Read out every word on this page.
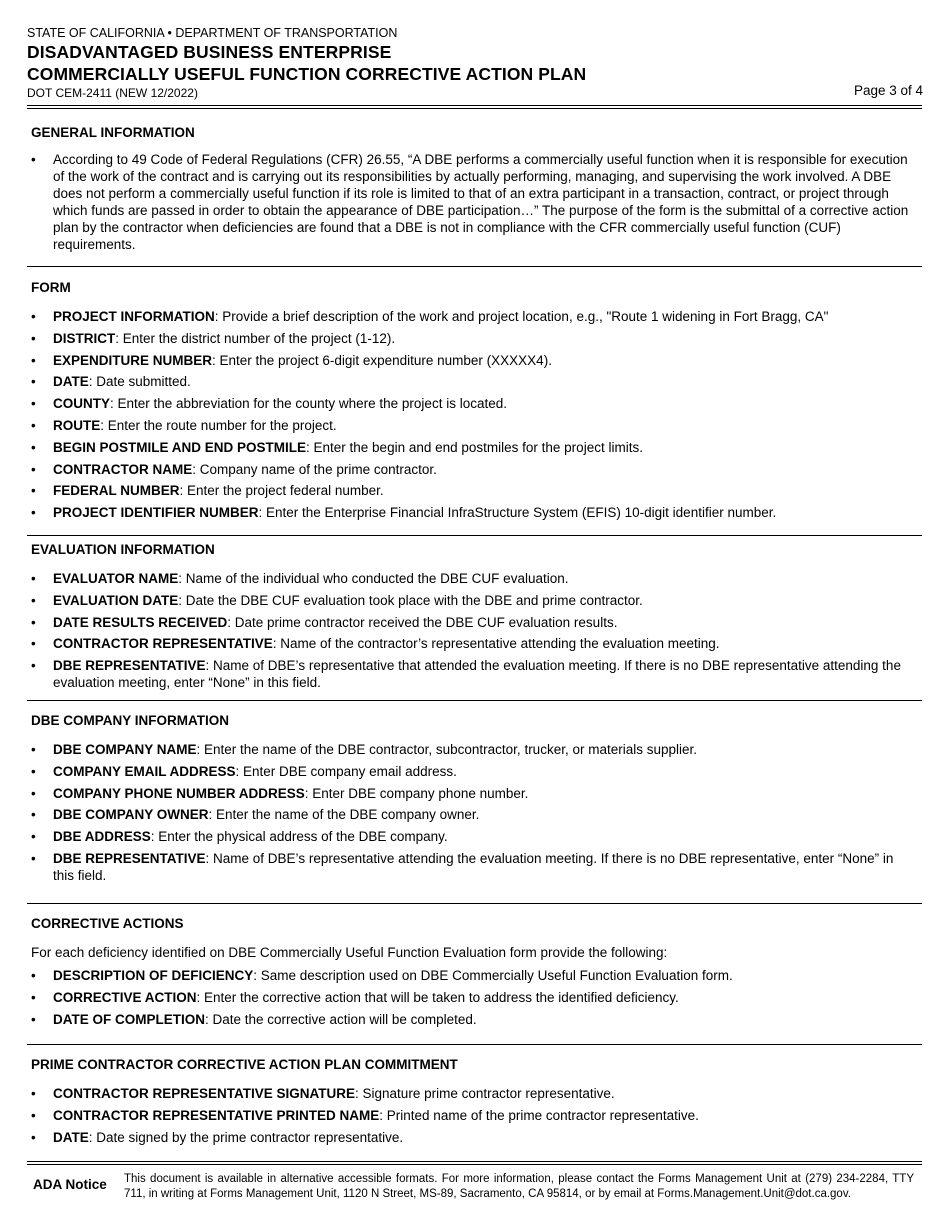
STATE OF CALIFORNIA • DEPARTMENT OF TRANSPORTATION
DISADVANTAGED BUSINESS ENTERPRISE
COMMERCIALLY USEFUL FUNCTION CORRECTIVE ACTION PLAN
DOT CEM-2411 (NEW 12/2022)	Page 3 of 4
GENERAL INFORMATION
• According to 49 Code of Federal Regulations (CFR) 26.55, “A DBE performs a commercially useful function when it is responsible for execution of the work of the contract and is carrying out its responsibilities by actually performing, managing, and supervising the work involved. A DBE does not perform a commercially useful function if its role is limited to that of an extra participant in a transaction, contract, or project through which funds are passed in order to obtain the appearance of DBE participation…” The purpose of the form is the submittal of a corrective action plan by the contractor when deficiencies are found that a DBE is not in compliance with the CFR commercially useful function (CUF) requirements.
FORM
• PROJECT INFORMATION: Provide a brief description of the work and project location, e.g., "Route 1 widening in Fort Bragg, CA"
• DISTRICT: Enter the district number of the project (1-12).
• EXPENDITURE NUMBER: Enter the project 6-digit expenditure number (XXXXX4).
• DATE: Date submitted.
• COUNTY: Enter the abbreviation for the county where the project is located.
• ROUTE: Enter the route number for the project.
• BEGIN POSTMILE AND END POSTMILE: Enter the begin and end postmiles for the project limits.
• CONTRACTOR NAME: Company name of the prime contractor.
• FEDERAL NUMBER: Enter the project federal number.
• PROJECT IDENTIFIER NUMBER: Enter the Enterprise Financial InfraStructure System (EFIS) 10-digit identifier number.
EVALUATION INFORMATION
• EVALUATOR NAME: Name of the individual who conducted the DBE CUF evaluation.
• EVALUATION DATE: Date the DBE CUF evaluation took place with the DBE and prime contractor.
• DATE RESULTS RECEIVED: Date prime contractor received the DBE CUF evaluation results.
• CONTRACTOR REPRESENTATIVE: Name of the contractor’s representative attending the evaluation meeting.
• DBE REPRESENTATIVE: Name of DBE’s representative that attended the evaluation meeting. If there is no DBE representative attending the evaluation meeting, enter “None” in this field.
DBE COMPANY INFORMATION
• DBE COMPANY NAME: Enter the name of the DBE contractor, subcontractor, trucker, or materials supplier.
• COMPANY EMAIL ADDRESS: Enter DBE company email address.
• COMPANY PHONE NUMBER ADDRESS: Enter DBE company phone number.
• DBE COMPANY OWNER: Enter the name of the DBE company owner.
• DBE ADDRESS: Enter the physical address of the DBE company.
• DBE REPRESENTATIVE: Name of DBE’s representative attending the evaluation meeting. If there is no DBE representative, enter “None” in this field.
CORRECTIVE ACTIONS
For each deficiency identified on DBE Commercially Useful Function Evaluation form provide the following:
• DESCRIPTION OF DEFICIENCY: Same description used on DBE Commercially Useful Function Evaluation form.
• CORRECTIVE ACTION: Enter the corrective action that will be taken to address the identified deficiency.
• DATE OF COMPLETION: Date the corrective action will be completed.
PRIME CONTRACTOR CORRECTIVE ACTION PLAN COMMITMENT
• CONTRACTOR REPRESENTATIVE SIGNATURE: Signature prime contractor representative.
• CONTRACTOR REPRESENTATIVE PRINTED NAME: Printed name of the prime contractor representative.
• DATE: Date signed by the prime contractor representative.
ADA Notice This document is available in alternative accessible formats. For more information, please contact the Forms Management Unit at (279) 234-2284, TTY 711, in writing at Forms Management Unit, 1120 N Street, MS-89, Sacramento, CA 95814, or by email at Forms.Management.Unit@dot.ca.gov.
